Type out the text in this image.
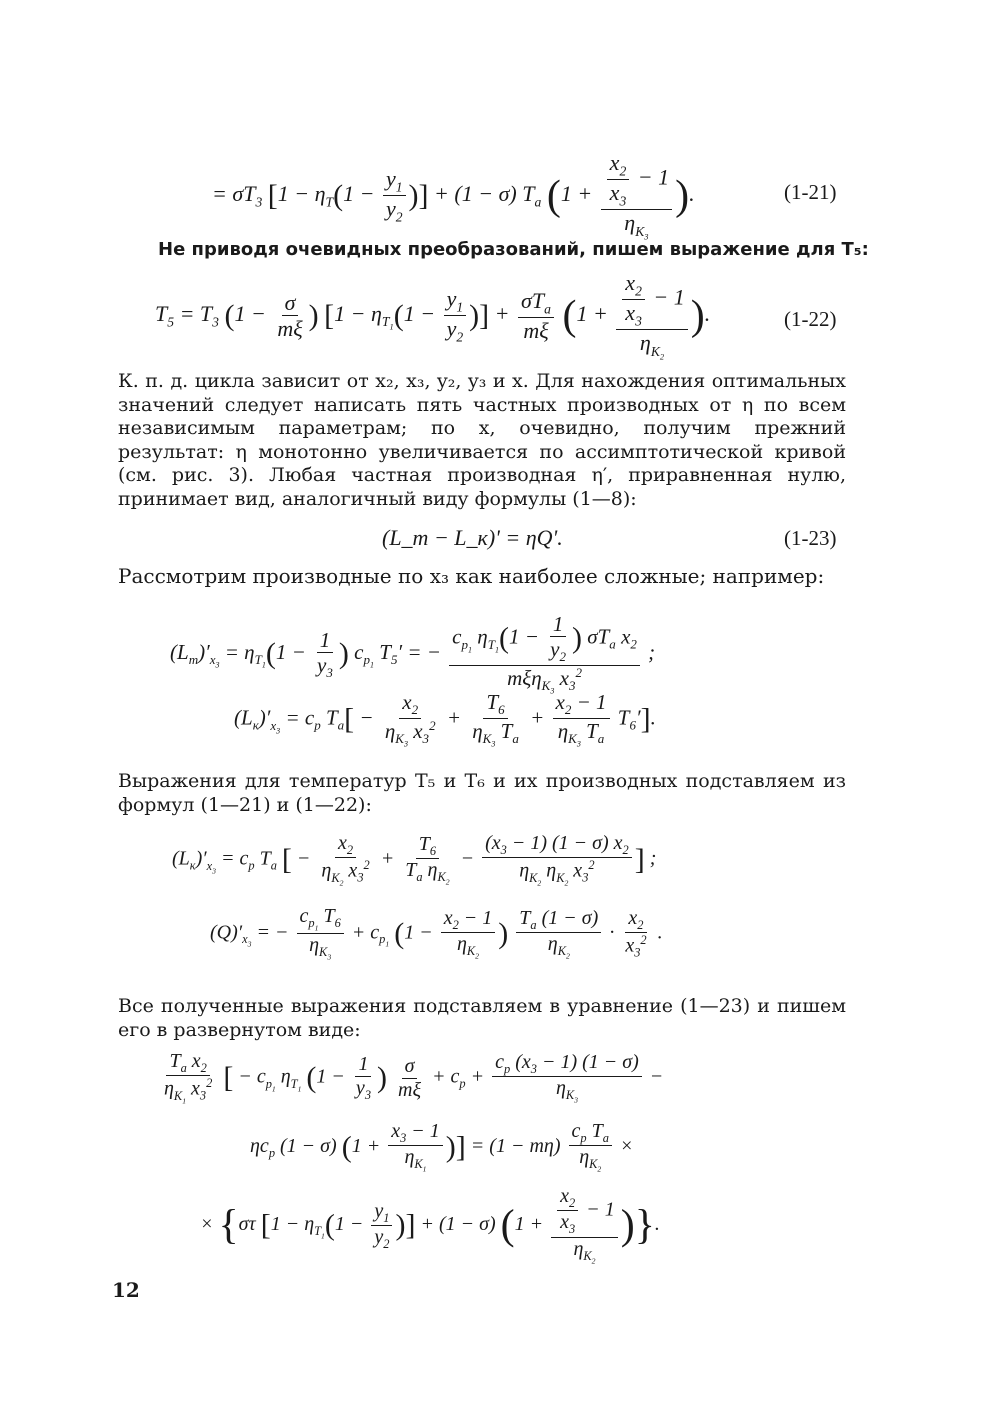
= $\sigma T_3$ [$1 - \eta_T(1 - \frac{y_1}{y_2}$ )] + (1 − σ) $T_a$ ($1 + \frac{\frac{x_2}{x_3} - 1}{\eta_{K_3}}$ ).	(1-21)
Не приводя очевидных преобразований, пишем выражение для T₅:
$T_5 = T_3$ ($1 - \frac{\sigma}{m\xi}$ ) [$1 - \eta_{T_1}(1 - \frac{y_1}{y_2}$ )] + $\frac{\sigma T_a}{m\xi} (1 + \frac{\frac{x_2}{x_3} - 1}{\eta_{K_2}}$ ).	(1-22)
К. п. д. цикла зависит от x₂, x₃, y₂, y₃ и x. Для нахождения оптимальных значений следует написать пять частных производных от η по всем независимым параметрам; по x, очевидно, получим прежний результат: η монотонно увеличивается по ассимптотической кривой (см. рис. 3). Любая частная производная η′, приравненная нулю, принимает вид, аналогичный виду формулы (1—8):
(L_т − L_к)' = ηQ'.	(1-23)
Рассмотрим производные по x₃ как наиболее сложные; например:
$(L_т)'_{x_3} = \eta_{T_1}(1 - \frac{1}{y_3}$ ) $c_{p_1}$ $T_5'$ = − $\frac{c_{p_1} \eta_{T_1}(1 - \frac{1}{y_2} ) \sigma T_a x_2}{m\xi\eta_{K_3} x_3^2}$ ;
$(L_к)'_{x_3} = c_p$ $T_a[ - \frac{x_2}{\eta_{K_3} x_3^2} + \frac{T_6}{\eta_{K_3} T_a} + \frac{x_2 - 1}{\eta_{K_3} T_a} T_6']$.
Выражения для температур T₅ и T₆ и их производных подставляем из формул (1—21) и (1—22):
$(L_к)'_{x_3} = c_p$ $T_a$ [ − $\frac{x_2}{\eta_{K_2} x_3^2} + \frac{T_6}{T_a \eta_{K_2}} - \frac{(x_3 - 1) (1 - \sigma) x_2}{\eta_{K_2} \eta_{K_2} x_3^2}$ ] ;
$(Q)'_{x_3}$ = − $\frac{c_{p_1} T_6}{\eta_{K_3}} + c_{p_1}$ ($1 - \frac{x_2 - 1}{\eta_{K_2}}$ ) $\frac{T_a (1 - \sigma)}{\eta_{K_2}} \cdot \frac{x_2}{x_3^2}$ .
Все полученные выражения подставляем в уравнение (1—23) и пишем его в развернутом виде:
$\frac{T_a x_2}{\eta_{K_1} x_3^2}$ [ − $c_{p_1}$ $\eta_{T_1}$ ($1 - \frac{1}{y_3}$ ) $\frac{\sigma}{m\xi} + c_p + \frac{c_p (x_3 - 1) (1 - \sigma)}{\eta_{K_3}}$ −
$\eta c_p$ (1 − σ) ($1 + \frac{x_3 - 1}{\eta_{K_1}}$ )] = $(1 - m\eta) \frac{c_p T_a}{\eta_{K_2}}$ ×
× {στ [$1 - \eta_{T_1}(1 - \frac{y_1}{y_2}$ )] + (1 − σ) ($1 + \frac{\frac{x_2}{x_3} - 1}{\eta_{K_2}}$ )}.
12
